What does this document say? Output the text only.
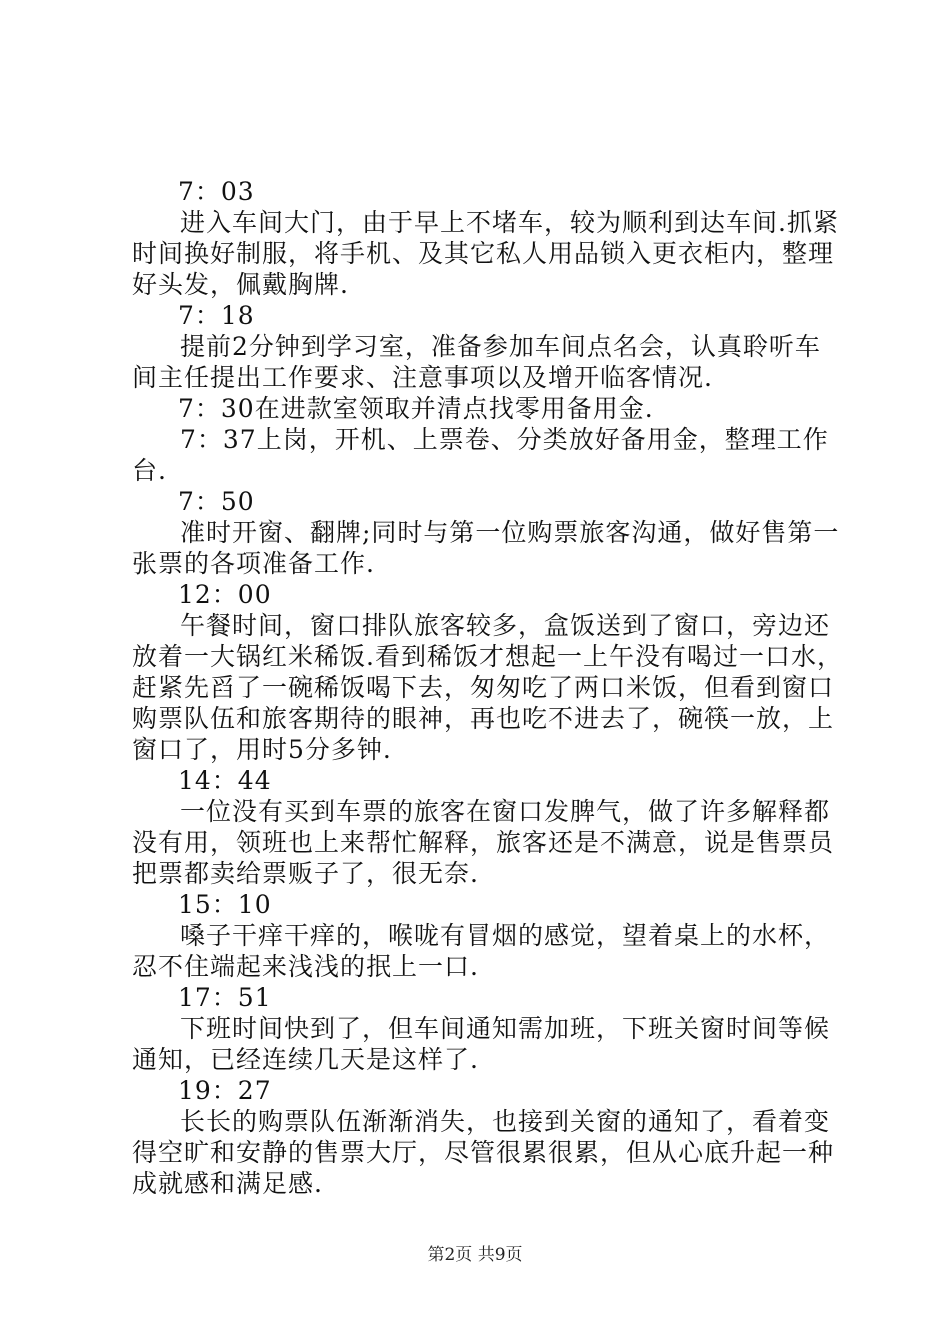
7：03
进入车间大门，由于早上不堵车，较为顺利到达车间.抓紧
时间换好制服，将手机、及其它私人用品锁入更衣柜内，整理
好头发，佩戴胸牌.
7：18
提前2分钟到学习室，准备参加车间点名会，认真聆听车
间主任提出工作要求、注意事项以及增开临客情况.
7：30在进款室领取并清点找零用备用金.
7：37上岗，开机、上票卷、分类放好备用金，整理工作
台.
7：50
准时开窗、翻牌;同时与第一位购票旅客沟通，做好售第一
张票的各项准备工作.
12：00
午餐时间，窗口排队旅客较多，盒饭送到了窗口，旁边还
放着一大锅红米稀饭.看到稀饭才想起一上午没有喝过一口水，
赶紧先舀了一碗稀饭喝下去，匆匆吃了两口米饭，但看到窗口
购票队伍和旅客期待的眼神，再也吃不进去了，碗筷一放，上
窗口了，用时5分多钟.
14：44
一位没有买到车票的旅客在窗口发脾气，做了许多解释都
没有用，领班也上来帮忙解释，旅客还是不满意，说是售票员
把票都卖给票贩子了，很无奈.
15：10
嗓子干痒干痒的，喉咙有冒烟的感觉，望着桌上的水杯，
忍不住端起来浅浅的抿上一口.
17：51
下班时间快到了，但车间通知需加班，下班关窗时间等候
通知，已经连续几天是这样了.
19：27
长长的购票队伍渐渐消失，也接到关窗的通知了，看着变
得空旷和安静的售票大厅，尽管很累很累，但从心底升起一种
成就感和满足感.
第2页 共9页
